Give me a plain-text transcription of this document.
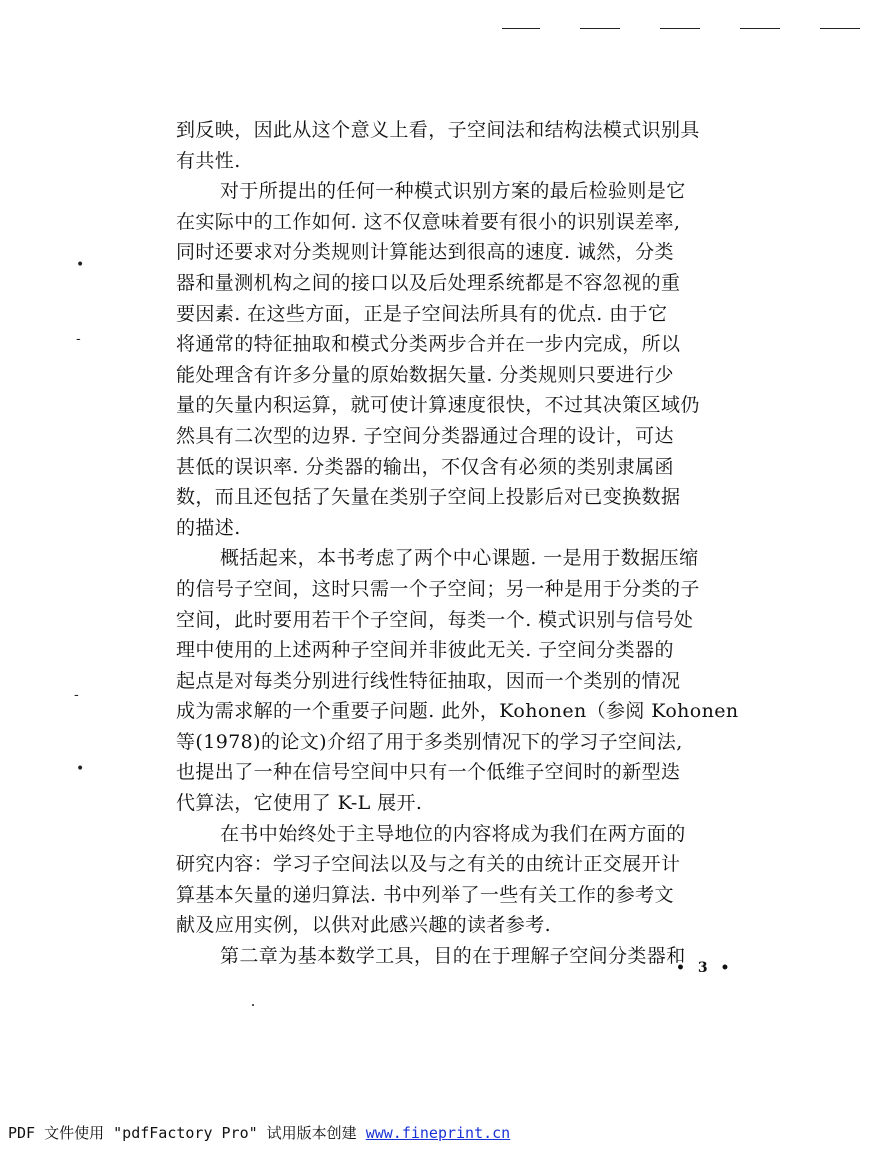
•
-
-
•
到反映，因此从这个意义上看，子空间法和结构法模式识别具
有共性.
对于所提出的任何一种模式识别方案的最后检验则是它
在实际中的工作如何. 这不仅意味着要有很小的识别误差率,
同时还要求对分类规则计算能达到很高的速度. 诚然，分类
器和量测机构之间的接口以及后处理系统都是不容忽视的重
要因素. 在这些方面，正是子空间法所具有的优点. 由于它
将通常的特征抽取和模式分类两步合并在一步内完成，所以
能处理含有许多分量的原始数据矢量. 分类规则只要进行少
量的矢量内积运算，就可使计算速度很快，不过其决策区域仍
然具有二次型的边界. 子空间分类器通过合理的设计，可达
甚低的误识率. 分类器的输出，不仅含有必须的类别隶属函
数，而且还包括了矢量在类别子空间上投影后对已变换数据
的描述.
概括起来，本书考虑了两个中心课题. 一是用于数据压缩
的信号子空间，这时只需一个子空间；另一种是用于分类的子
空间，此时要用若干个子空间，每类一个. 模式识别与信号处
理中使用的上述两种子空间并非彼此无关. 子空间分类器的
起点是对每类分别进行线性特征抽取，因而一个类别的情况
成为需求解的一个重要子问题. 此外，Kohonen（参阅 Kohonen
等(1978)的论文)介绍了用于多类别情况下的学习子空间法,
也提出了一种在信号空间中只有一个低维子空间时的新型迭
代算法，它使用了 K-L 展开.
在书中始终处于主导地位的内容将成为我们在两方面的
研究内容：学习子空间法以及与之有关的由统计正交展开计
算基本矢量的递归算法. 书中列举了一些有关工作的参考文
献及应用实例，以供对此感兴趣的读者参考.
第二章为基本数学工具，目的在于理解子空间分类器和
• 3 •
PDF 文件使用 "pdfFactory Pro" 试用版本创建 www.fineprint.cn
